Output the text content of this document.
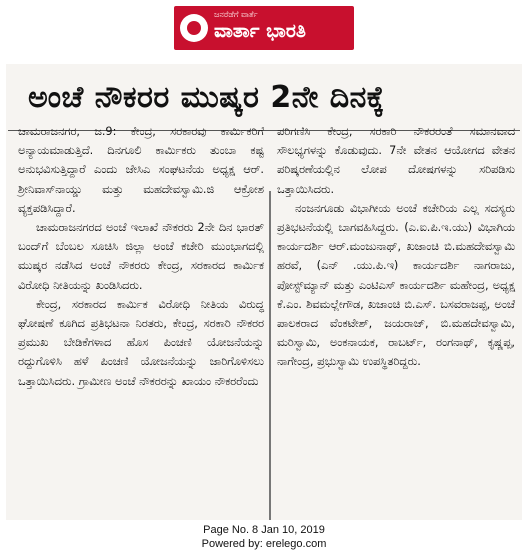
ಜನರೆಡೆಗೆ ವಾರ್ತೆ
ವಾರ್ತಾ ಭಾರತಿ
ಅಂಚೆ ನೌಕರರ ಮುಷ್ಕರ 2ನೇ ದಿನಕ್ಕೆ

ಚಾಮರಾಜನಗರ, ಜ.9: ಕೇಂದ್ರ, ಸರಕಾರವು ಕಾರ್ಮಿಕರಿಗೆ ಅನ್ಯಾಯಮಾಡುತ್ತಿದೆ. ದಿನಗೂಲಿ ಕಾರ್ಮಿಕರು ತುಂಬಾ ಕಷ್ಟ ಅನುಭವಿಸುತ್ತಿದ್ದಾರೆ ಎಂದು ಜೇಸಿಎ ಸಂಘಟನೆಯ ಅಧ್ಯಕ್ಷ ಆರ್. ಶ್ರೀನಿವಾಸ್‌ನಾಯ್ಡು ಮತ್ತು ಮಹದೇವಸ್ವಾಮಿ.ಜಿ ಆಕ್ರೋಶ ವ್ಯಕ್ತಪಡಿಸಿದ್ದಾರೆ.

ಚಾಮರಾಜನಗರದ ಅಂಚೆ ಇಲಾಖೆ ನೌಕರರು 2ನೇ ದಿನ ಭಾರತ್ ಬಂದ್‌ಗೆ ಬೆಂಬಲ ಸೂಚಿಸಿ ಜಿಲ್ಲಾ ಅಂಚೆ ಕಚೇರಿ ಮುಂಭಾಗದಲ್ಲಿ ಮುಷ್ಕರ ನಡೆಸಿದ ಅಂಚೆ ನೌಕರರು ಕೇಂದ್ರ, ಸರಕಾರದ ಕಾರ್ಮಿಕ ವಿರೋಧಿ ನೀತಿಯನ್ನು ಖಂಡಿಸಿದರು.

ಕೇಂದ್ರ, ಸರಕಾರದ ಕಾರ್ಮಿಕ ವಿರೋಧಿ ನೀತಿಯ ವಿರುದ್ಧ ಘೋಷಣೆ ಕೂಗಿದ ಪ್ರತಿಭಟನಾ ನಿರತರು, ಕೇಂದ್ರ, ಸರಕಾರಿ ನೌಕರರ ಪ್ರಮುಖ ಬೇಡಿಕೆಗಳಾದ ಹೊಸ ಪಿಂಚಣಿ ಯೋಜನೆಯನ್ನು ರದ್ದುಗೊಳಿಸಿ ಹಳೆ ಪಿಂಚಣಿ ಯೋಜನೆಯನ್ನು ಜಾರಿಗೊಳಿಸಲು ಒತ್ತಾಯಿಸಿದರು. ಗ್ರಾಮೀಣ ಅಂಚೆ ನೌಕರರನ್ನು ಖಾಯಂ ನೌಕರರೆಂದು

ಪರಿಗಣಿಸಿ ಕೇಂದ್ರ, ಸರಕಾರಿ ನೌಕರರಂತೆ ಸಮಾನವಾದ ಸೌಲಭ್ಯಗಳನ್ನು ಕೊಡುವುದು. 7ನೇ ವೇತನ ಆಯೋಗದ ವೇತನ ಪರಿಷ್ಕರಣೆಯಲ್ಲಿನ ಲೋಪ ದೋಷಗಳನ್ನು ಸರಿಪಡಿಸು ಒತ್ತಾಯಿಸಿದರು.

ನಂಜನಗೂಡು ವಿಭಾಗೀಯ ಅಂಚೆ ಕಚೇರಿಯ ಎಲ್ಲ ಸದಸ್ಯರು ಪ್ರತಿಭಟನೆಯಲ್ಲಿ ಬಾಗವಹಿಸಿದ್ದರು. (ಎ.ಐ.ಪಿ.ಇ.ಯು) ವಿಭಾಗಿಯ ಕಾರ್ಯದರ್ಶಿ ಆರ್.ಮಂಜುನಾಥ್, ಖಜಾಂಚಿ ಬಿ.ಮಹದೇವಸ್ವಾಮಿ ಹರವೆ, (ಎನ್ .ಯು.ಪಿ.ಇ) ಕಾರ್ಯದರ್ಶಿ ನಾಗರಾಜು, ಪೋಸ್ಟ್‌ಮ್ಯಾನ್ ಮತ್ತು ಎಂಟಿಎಸ್ ಕಾರ್ಯದರ್ಶಿ ಮಹೇಂದ್ರ, ಅಧ್ಯಕ್ಷ ಕೆ.ಎಂ. ಶಿವಮಲ್ಲೇಗೌಡ, ಖಜಾಂಚಿ ಬಿ.ಎಸ್. ಬಸವರಾಜಪ್ಪ, ಅಂಚೆ ಪಾಲಕರಾದ ವೆಂಕಟೇಶ್, ಜಯರಾಜ್, ಬಿ.ಮಹದೇವಸ್ವಾಮಿ, ಮರಿಸ್ವಾಮಿ, ಅಂಕನಾಯಕ, ರಾಬರ್ಟ್, ರಂಗನಾಥ್, ಕೃಷ್ಣಪ್ಪ, ನಾಗೇಂದ್ರ, ಪ್ರಭುಸ್ವಾಮಿ ಉಪಸ್ಥಿತರಿದ್ದರು.

Page No. 8 Jan 10, 2019
Powered by: erelego.com
